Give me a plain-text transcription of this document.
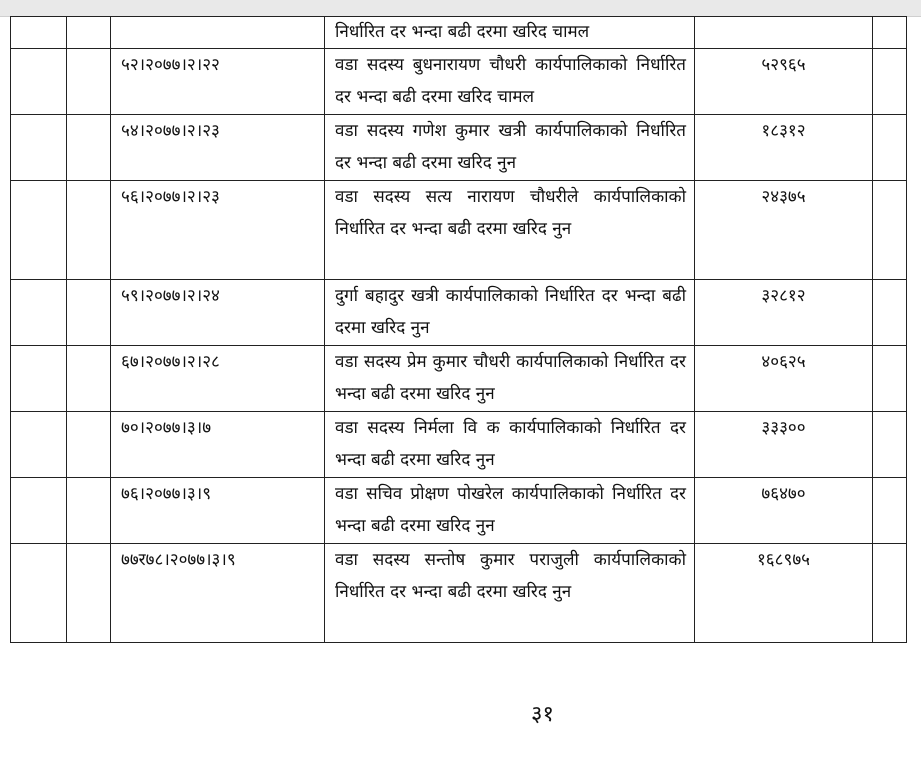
			निर्धारित दर भन्दा बढी दरमा खरिद चामल		
		५२।२०७७।२।२२	वडा सदस्य बुधनारायण चौधरी कार्यपालिकाको निर्धारित दर भन्दा बढी दरमा खरिद चामल	५२९६५	
		५४।२०७७।२।२३	वडा सदस्य गणेश कुमार खत्री कार्यपालिकाको निर्धारित दर भन्दा बढी दरमा खरिद नुन	१८३१२	
		५६।२०७७।२।२३	वडा सदस्य सत्य नारायण चौधरीले कार्यपालिकाको निर्धारित दर भन्दा बढी दरमा खरिद नुन	२४३७५	
		५९।२०७७।२।२४	दुर्गा बहादुर खत्री कार्यपालिकाको निर्धारित दर भन्दा बढी दरमा खरिद नुन	३२८१२	
		६७।२०७७।२।२८	वडा सदस्य प्रेम कुमार चौधरी कार्यपालिकाको निर्धारित दर भन्दा बढी दरमा खरिद नुन	४०६२५	
		७०।२०७७।३।७	वडा सदस्य निर्मला वि क कार्यपालिकाको निर्धारित दर भन्दा बढी दरमा खरिद नुन	३३३००	
		७६।२०७७।३।९	वडा सचिव प्रोक्षण पोखरेल कार्यपालिकाको निर्धारित दर भन्दा बढी दरमा खरिद नुन	७६४७०	
		७७र७८।२०७७।३।९	वडा सदस्य सन्तोष कुमार पराजुली कार्यपालिकाको निर्धारित दर भन्दा बढी दरमा खरिद नुन	१६८९७५	
३१
